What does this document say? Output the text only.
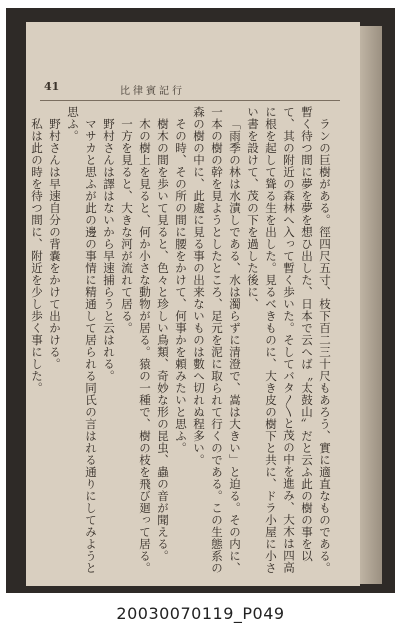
41	比律賓記行

ランの巨樹がある。徑四尺五寸、枝下百二三十尺もあろう、實に適直なものである。暫く待つ間に夢を夢を想ひ出した、日本で云へば〝太鼓山〟だと云ふ此の樹の事を以て、其の附近の森林へ入って暫く歩いた。そしてバタ〳〵と茂の中を進み、大木は四高に根を起して聳る生を出した。見るべきものに、大き皮の樹下と共に、ドラ小屋に小さい書を設けて、茂の下を過した後に、

「雨季の林は水漬しである、水は濁らずに清澄で、嵩は大きい」と迫る。その内に、一本の樹の幹を見ようとしたところ、足元を泥に取られて行くのである。この生態系の森の樹の中に、此處に見る事の出来ないものは數へ切れぬ程多い。

その時、その所の間に腰をかけて、何事かを頼みたいと思ふ。

樹木の間を歩いて見ると、色々と珍しい鳥類、奇妙な形の昆虫、蟲の音が聞える。

木の樹上を見ると、何か小さな動物が居る。猿の一種で、樹の枝を飛び廻って居る。

一方を見ると、大きな河が流れて居る。

野村さんは譯はないから早速捕らうと云はれる。

マサカと思ふが此の邊の事情に精通して居られる同氏の言はれる通りにしてみようと思ふ。

野村さんは早速自分の背嚢をかけて出かける。

私は此の時を待つ間に、附近を少し歩く事にした。

20030070119_P049
